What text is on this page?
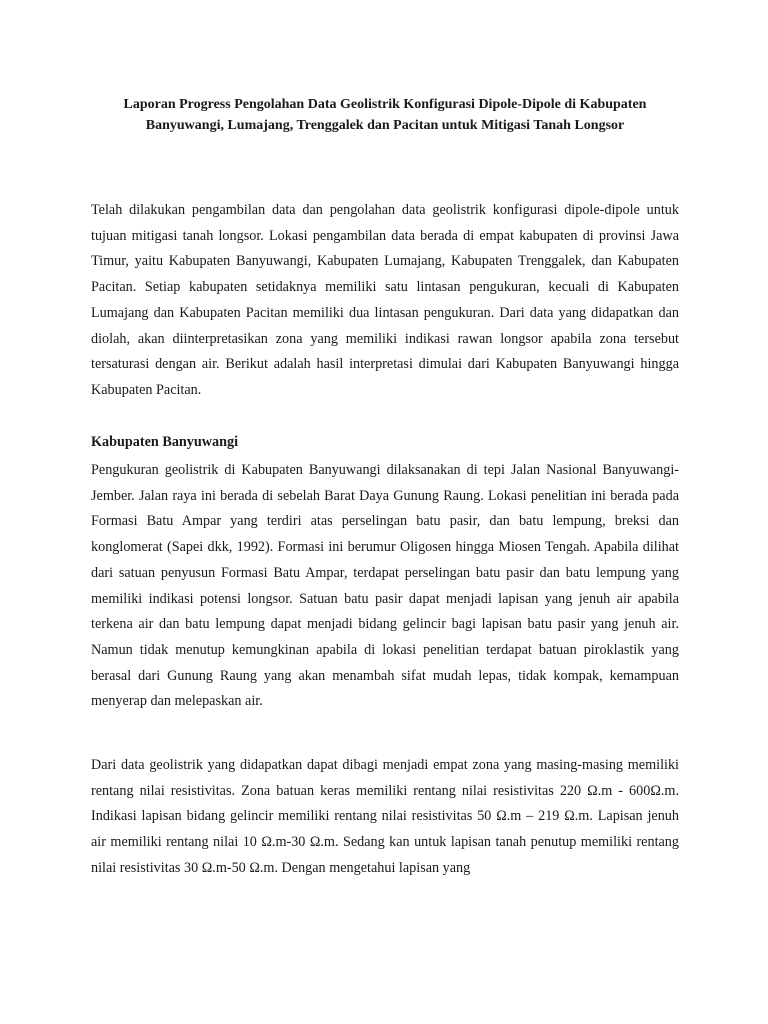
Laporan Progress Pengolahan Data Geolistrik Konfigurasi Dipole-Dipole di Kabupaten Banyuwangi, Lumajang, Trenggalek dan Pacitan untuk Mitigasi Tanah Longsor

Telah dilakukan pengambilan data dan pengolahan data geolistrik konfigurasi dipole-dipole untuk tujuan mitigasi tanah longsor. Lokasi pengambilan data berada di empat kabupaten di provinsi Jawa Timur, yaitu Kabupaten Banyuwangi, Kabupaten Lumajang, Kabupaten Trenggalek, dan Kabupaten Pacitan. Setiap kabupaten setidaknya memiliki satu lintasan pengukuran, kecuali di Kabupaten Lumajang dan Kabupaten Pacitan memiliki dua lintasan pengukuran. Dari data yang didapatkan dan diolah, akan diinterpretasikan zona yang memiliki indikasi rawan longsor apabila zona tersebut tersaturasi dengan air. Berikut adalah hasil interpretasi dimulai dari Kabupaten Banyuwangi hingga Kabupaten Pacitan.

Kabupaten Banyuwangi

Pengukuran geolistrik di Kabupaten Banyuwangi dilaksanakan di tepi Jalan Nasional Banyuwangi-Jember. Jalan raya ini berada di sebelah Barat Daya Gunung Raung. Lokasi penelitian ini berada pada Formasi Batu Ampar yang terdiri atas perselingan batu pasir, dan batu lempung, breksi dan konglomerat (Sapei dkk, 1992). Formasi ini berumur Oligosen hingga Miosen Tengah. Apabila dilihat dari satuan penyusun Formasi Batu Ampar, terdapat perselingan batu pasir dan batu lempung yang memiliki indikasi potensi longsor. Satuan batu pasir dapat menjadi lapisan yang jenuh air apabila terkena air dan batu lempung dapat menjadi bidang gelincir bagi lapisan batu pasir yang jenuh air. Namun tidak menutup kemungkinan apabila di lokasi penelitian terdapat batuan piroklastik yang berasal dari Gunung Raung yang akan menambah sifat mudah lepas, tidak kompak, kemampuan menyerap dan melepaskan air.

Dari data geolistrik yang didapatkan dapat dibagi menjadi empat zona yang masing-masing memiliki rentang nilai resistivitas. Zona batuan keras memiliki rentang nilai resistivitas 220 Ω.m - 600Ω.m. Indikasi lapisan bidang gelincir memiliki rentang nilai resistivitas 50 Ω.m – 219 Ω.m. Lapisan jenuh air memiliki rentang nilai 10 Ω.m-30 Ω.m. Sedang kan untuk lapisan tanah penutup memiliki rentang nilai resistivitas 30 Ω.m-50 Ω.m. Dengan mengetahui lapisan yang
